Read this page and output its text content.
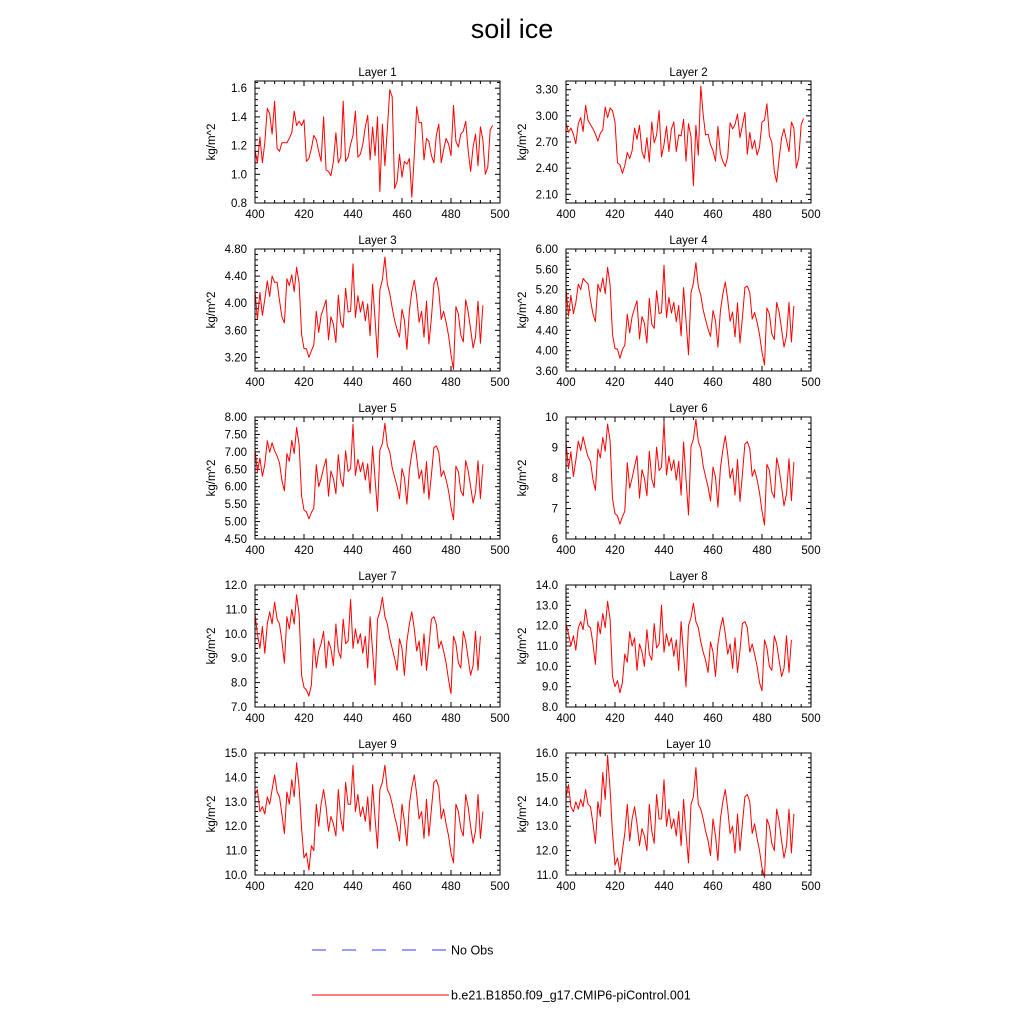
soil ice
Layer 1
kg/m^2
400	420	440	460	480	500
0.8
1.0
1.2
1.4
1.6
Layer 2
kg/m^2
400	420	440	460	480	500
2.10
2.40
2.70
3.00
3.30
Layer 3
kg/m^2
400	420	440	460	480	500
3.20
3.60
4.00
4.40
4.80
Layer 4
kg/m^2
400	420	440	460	480	500
3.60
4.00
4.40
4.80
5.20
5.60
6.00
Layer 5
kg/m^2
400	420	440	460	480	500
4.50
5.00
5.50
6.00
6.50
7.00
7.50
8.00
Layer 6
kg/m^2
400	420	440	460	480	500
6
7
8
9
10
Layer 7
kg/m^2
400	420	440	460	480	500
7.0
8.0
9.0
10.0
11.0
12.0
Layer 8
kg/m^2
400	420	440	460	480	500
8.0
9.0
10.0
11.0
12.0
13.0
14.0
Layer 9
kg/m^2
400	420	440	460	480	500
10.0
11.0
12.0
13.0
14.0
15.0
Layer 10
kg/m^2
400	420	440	460	480	500
11.0
12.0
13.0
14.0
15.0
16.0
No Obs
b.e21.B1850.f09_g17.CMIP6-piControl.001
